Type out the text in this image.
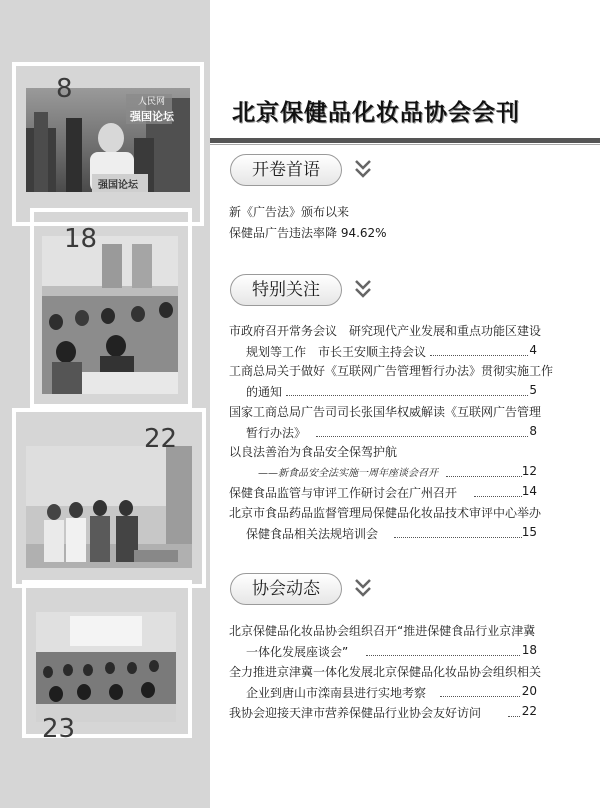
人民网
强国论坛
强国论坛
8
18
22
23
北京保健品化妆品协会会刊
开卷首语
新《广告法》颁布以来
保健品广告违法率降 94.62%
特别关注
市政府召开常务会议　研究现代产业发展和重点功能区建设
规划等工作　市长王安顺主持会议	4
工商总局关于做好《互联网广告管理暂行办法》贯彻实施工作
的通知	5
国家工商总局广告司司长张国华权威解读《互联网广告管理
暂行办法》	8
以良法善治为食品安全保驾护航
——新食品安全法实施一周年座谈会召开	12
保健食品监管与审评工作研讨会在广州召开	14
北京市食品药品监督管理局保健品化妆品技术审评中心举办
保健食品相关法规培训会	15
协会动态
北京保健品化妆品协会组织召开“推进保健食品行业京津冀
一体化发展座谈会”	18
全力推进京津冀一体化发展北京保健品化妆品协会组织相关
企业到唐山市滦南县进行实地考察	20
我协会迎接天津市营养保健品行业协会友好访问	22
